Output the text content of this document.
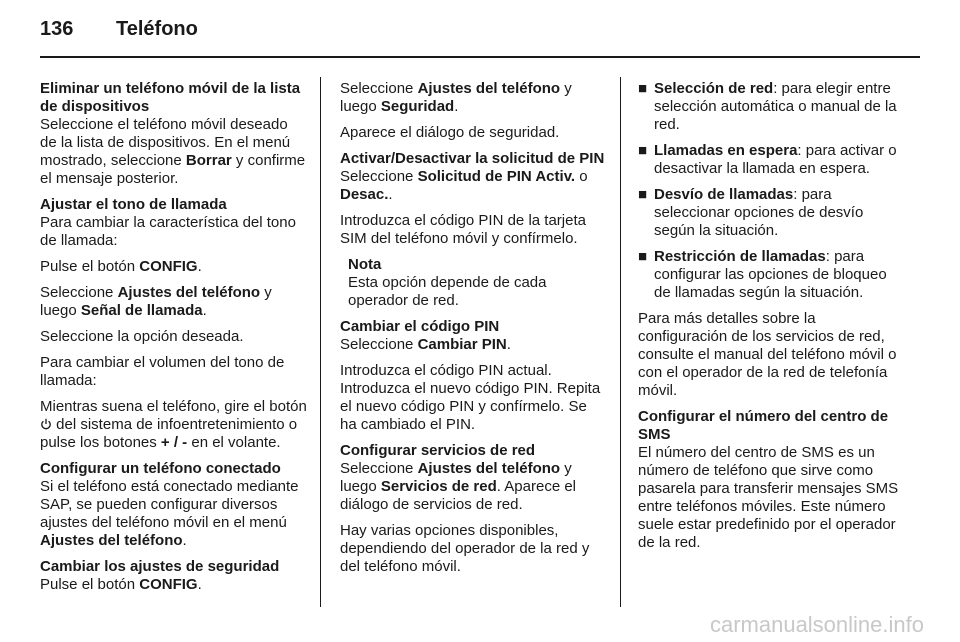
136 Teléfono
Eliminar un teléfono móvil de la lista de dispositivos

Seleccione el teléfono móvil deseado de la lista de dispositivos. En el menú mostrado, seleccione Borrar y confirme el mensaje posterior.

Ajustar el tono de llamada

Para cambiar la característica del tono de llamada:

Pulse el botón CONFIG.

Seleccione Ajustes del teléfono y luego Señal de llamada.

Seleccione la opción deseada.

Para cambiar el volumen del tono de llamada:

Mientras suena el teléfono, gire el botón  del sistema de infoentretenimiento o pulse los botones + / - en el volante.

Configurar un teléfono conectado

Si el teléfono está conectado mediante SAP, se pueden configurar diversos ajustes del teléfono móvil en el menú Ajustes del teléfono.

Cambiar los ajustes de seguridad

Pulse el botón CONFIG.

Seleccione Ajustes del teléfono y luego Seguridad.

Aparece el diálogo de seguridad.

Activar/Desactivar la solicitud de PIN

Seleccione Solicitud de PIN Activ. o Desac..

Introduzca el código PIN de la tarjeta SIM del teléfono móvil y confírmelo.

Nota
Esta opción depende de cada operador de red.
Cambiar el código PIN

Seleccione Cambiar PIN.

Introduzca el código PIN actual. Introduzca el nuevo código PIN. Repita el nuevo código PIN y confírmelo. Se ha cambiado el PIN.

Configurar servicios de red

Seleccione Ajustes del teléfono y luego Servicios de red. Aparece el diálogo de servicios de red.

Hay varias opciones disponibles, dependiendo del operador de la red y del teléfono móvil.

■ Selección de red: para elegir entre selección automática o manual de la red.
■ Llamadas en espera: para activar o desactivar la llamada en espera.
■ Desvío de llamadas: para seleccionar opciones de desvío según la situación.
■ Restricción de llamadas: para configurar las opciones de bloqueo de llamadas según la situación.

Para más detalles sobre la configuración de los servicios de red, consulte el manual del teléfono móvil o con el operador de la red de telefonía móvil.

Configurar el número del centro de SMS

El número del centro de SMS es un número de teléfono que sirve como pasarela para transferir mensajes SMS entre teléfonos móviles. Este número suele estar predefinido por el operador de la red.

carmanualsonline.info
